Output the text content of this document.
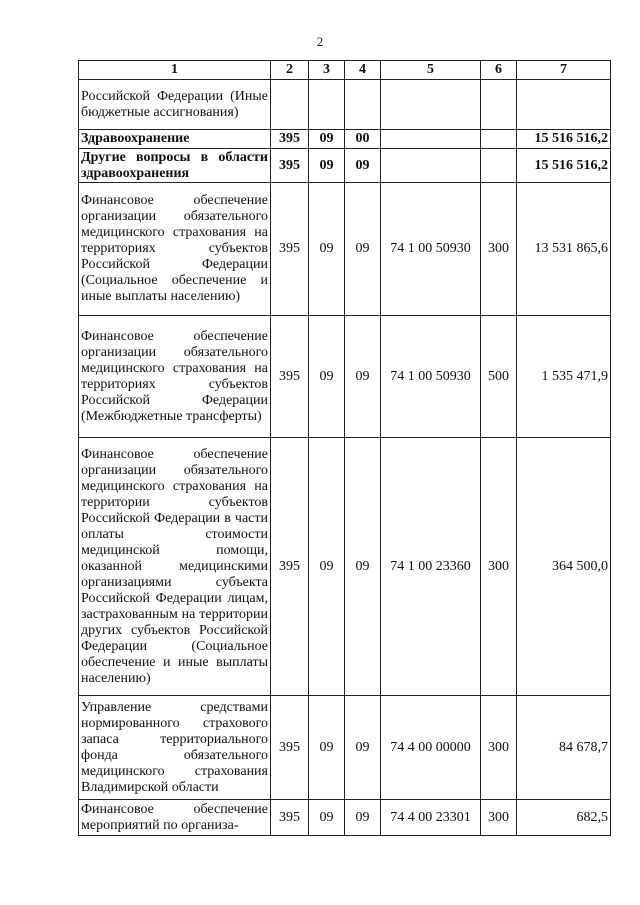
2
1	2	3	4	5	6	7
Российской Федерации (Иные бюджетные ассигнования)						
Здравоохранение	395	09	00			15 516 516,2
Другие вопросы в области здравоохранения	395	09	09			15 516 516,2
Финансовое обеспечение организации обязательного медицинского страхования на территориях субъектов Российской Федерации (Социальное обеспечение и иные выплаты населению)	395	09	09	74 1 00 50930	300	13 531 865,6
Финансовое обеспечение организации обязательного медицинского страхования на территориях субъектов Российской Федерации (Межбюджетные трансферты)	395	09	09	74 1 00 50930	500	1 535 471,9
Финансовое обеспечение организации обязательного медицинского страхования на территории субъектов Российской Федерации в части оплаты стоимости медицинской помощи, оказанной медицинскими организациями субъекта Российской Федерации лицам, застрахованным на территории других субъектов Российской Федерации (Социальное обеспечение и иные выплаты населению)	395	09	09	74 1 00 23360	300	364 500,0
Управление средствами нормированного страхового запаса территориального фонда обязательного медицинского страхования Владимирской области	395	09	09	74 4 00 00000	300	84 678,7
Финансовое обеспечение мероприятий по организа-	395	09	09	74 4 00 23301	300	682,5
